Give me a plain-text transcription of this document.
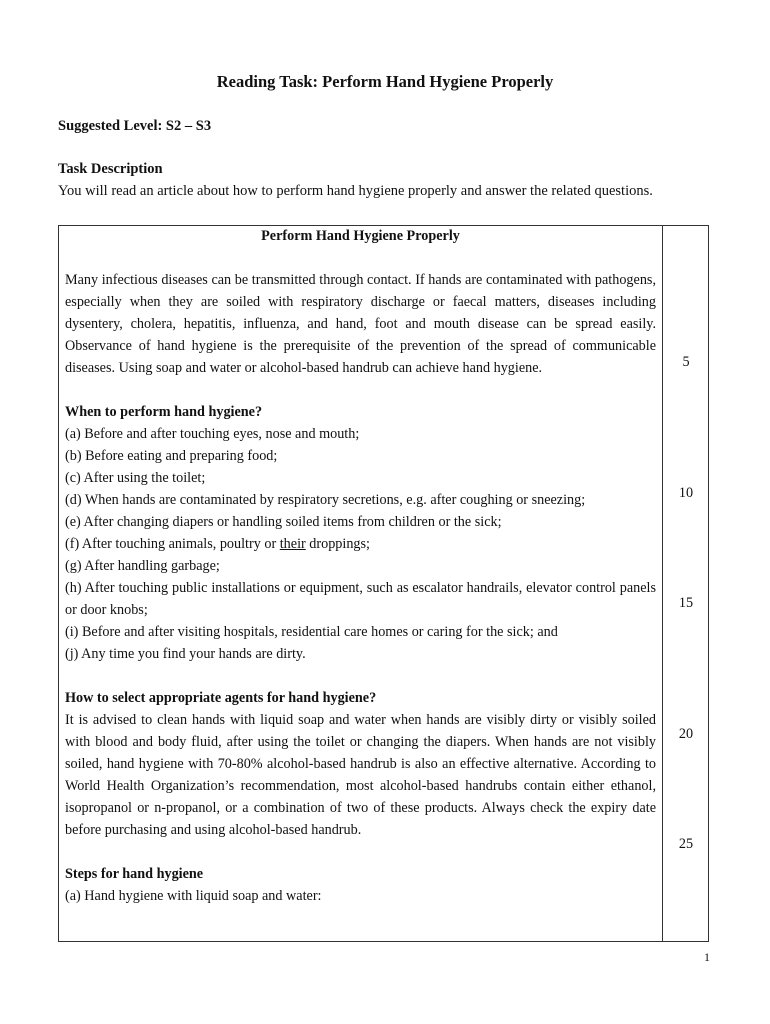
Reading Task: Perform Hand Hygiene Properly
Suggested Level: S2 – S3
Task Description
You will read an article about how to perform hand hygiene properly and answer the related questions.
Perform Hand Hygiene Properly

Many infectious diseases can be transmitted through contact. If hands are contaminated with pathogens, especially when they are soiled with respiratory discharge or faecal matters, diseases including dysentery, cholera, hepatitis, influenza, and hand, foot and mouth disease can be spread easily. Observance of hand hygiene is the prerequisite of the prevention of the spread of communicable diseases. Using soap and water or alcohol-based handrub can achieve hand hygiene.

When to perform hand hygiene?

(a) Before and after touching eyes, nose and mouth;

(b) Before eating and preparing food;

(c) After using the toilet;

(d) When hands are contaminated by respiratory secretions, e.g. after coughing or sneezing;

(e) After changing diapers or handling soiled items from children or the sick;

(f) After touching animals, poultry or their droppings;

(g) After handling garbage;

(h) After touching public installations or equipment, such as escalator handrails, elevator control panels or door knobs;

(i) Before and after visiting hospitals, residential care homes or caring for the sick; and

(j) Any time you find your hands are dirty.

How to select appropriate agents for hand hygiene?

It is advised to clean hands with liquid soap and water when hands are visibly dirty or visibly soiled with blood and body fluid, after using the toilet or changing the diapers. When hands are not visibly soiled, hand hygiene with 70-80% alcohol-based handrub is also an effective alternative. According to World Health Organization’s recommendation, most alcohol-based handrubs contain either ethanol, isopropanol or n-propanol, or a combination of two of these products. Always check the expiry date before purchasing and using alcohol-based handrub.

Steps for hand hygiene

(a) Hand hygiene with liquid soap and water:

5
10
15
20
25
1
